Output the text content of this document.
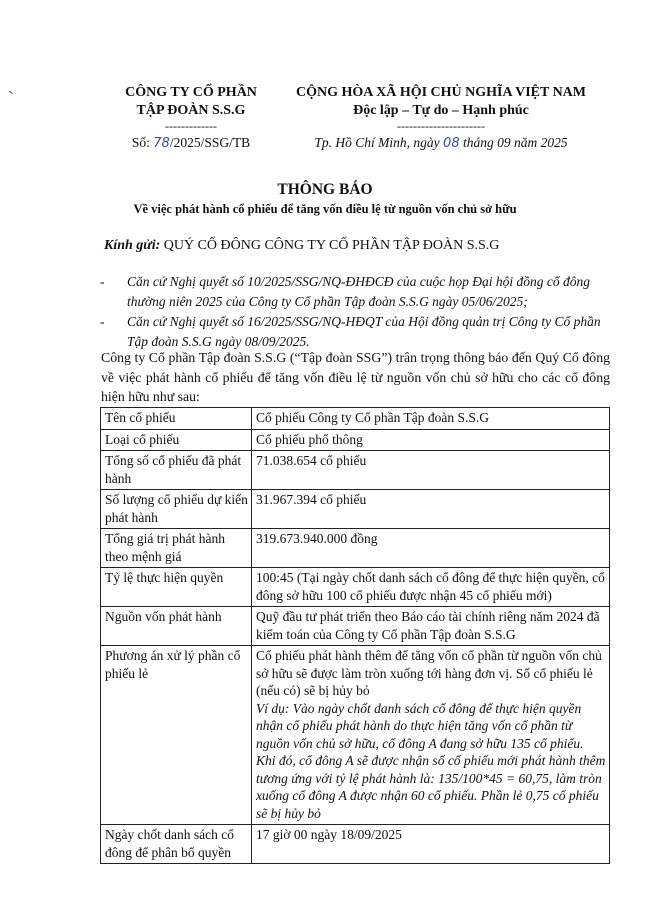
CÔNG TY CỔ PHẦN
TẬP ĐOÀN S.S.G
-------------
Số: 78/2025/SSG/TB
CỘNG HÒA XÃ HỘI CHỦ NGHĨA VIỆT NAM
Độc lập – Tự do – Hạnh phúc
----------------------
Tp. Hồ Chí Minh, ngày 08 tháng 09 năm 2025
THÔNG BÁO
Về việc phát hành cổ phiếu để tăng vốn điều lệ từ nguồn vốn chủ sở hữu
Kính gửi: QUÝ CỔ ĐÔNG CÔNG TY CỔ PHẦN TẬP ĐOÀN S.S.G
-	Căn cứ Nghị quyết số 10/2025/SSG/NQ-ĐHĐCĐ của cuộc họp Đại hội đồng cổ đông thường niên 2025 của Công ty Cổ phần Tập đoàn S.S.G ngày 05/06/2025;
-	Căn cứ Nghị quyết số 16/2025/SSG/NQ-HĐQT của Hội đồng quản trị Công ty Cổ phần Tập đoàn S.S.G ngày 08/09/2025.
Công ty Cổ phần Tập đoàn S.S.G (“Tập đoàn SSG”) trân trọng thông báo đến Quý Cổ đông về việc phát hành cổ phiếu để tăng vốn điều lệ từ nguồn vốn chủ sở hữu cho các cổ đông hiện hữu như sau:
Tên cổ phiếu	Cổ phiếu Công ty Cổ phần Tập đoàn S.S.G
Loại cổ phiếu	Cổ phiếu phổ thông
Tổng số cổ phiếu đã phát hành	71.038.654 cổ phiếu
Số lượng cổ phiếu dự kiến phát hành	31.967.394 cổ phiếu
Tổng giá trị phát hành theo mệnh giá	319.673.940.000 đồng
Tỷ lệ thực hiện quyền	100:45 (Tại ngày chốt danh sách cổ đông để thực hiện quyền, cổ đông sở hữu 100 cổ phiếu được nhận 45 cổ phiếu mới)
Nguồn vốn phát hành	Quỹ đầu tư phát triển theo Báo cáo tài chính riêng năm 2024 đã kiểm toán của Công ty Cổ phần Tập đoàn S.S.G
Phương án xử lý phần cổ phiếu lẻ	Cổ phiếu phát hành thêm để tăng vốn cổ phần từ nguồn vốn chủ sở hữu sẽ được làm tròn xuống tới hàng đơn vị. Số cổ phiếu lẻ (nếu có) sẽ bị hủy bỏ
Ví dụ: Vào ngày chốt danh sách cổ đông để thực hiện quyền nhận cổ phiếu phát hành do thực hiện tăng vốn cổ phần từ nguồn vốn chủ sở hữu, cổ đông A đang sở hữu 135 cổ phiếu. Khi đó, cổ đông A sẽ được nhận số cổ phiếu mới phát hành thêm tương ứng với tỷ lệ phát hành là: 135/100*45 = 60,75, làm tròn xuống cổ đông A được nhận 60 cổ phiếu. Phần lẻ 0,75 cổ phiếu sẽ bị hủy bỏ

Ngày chốt danh sách cổ đông để phân bổ quyền	17 giờ 00 ngày 18/09/2025
